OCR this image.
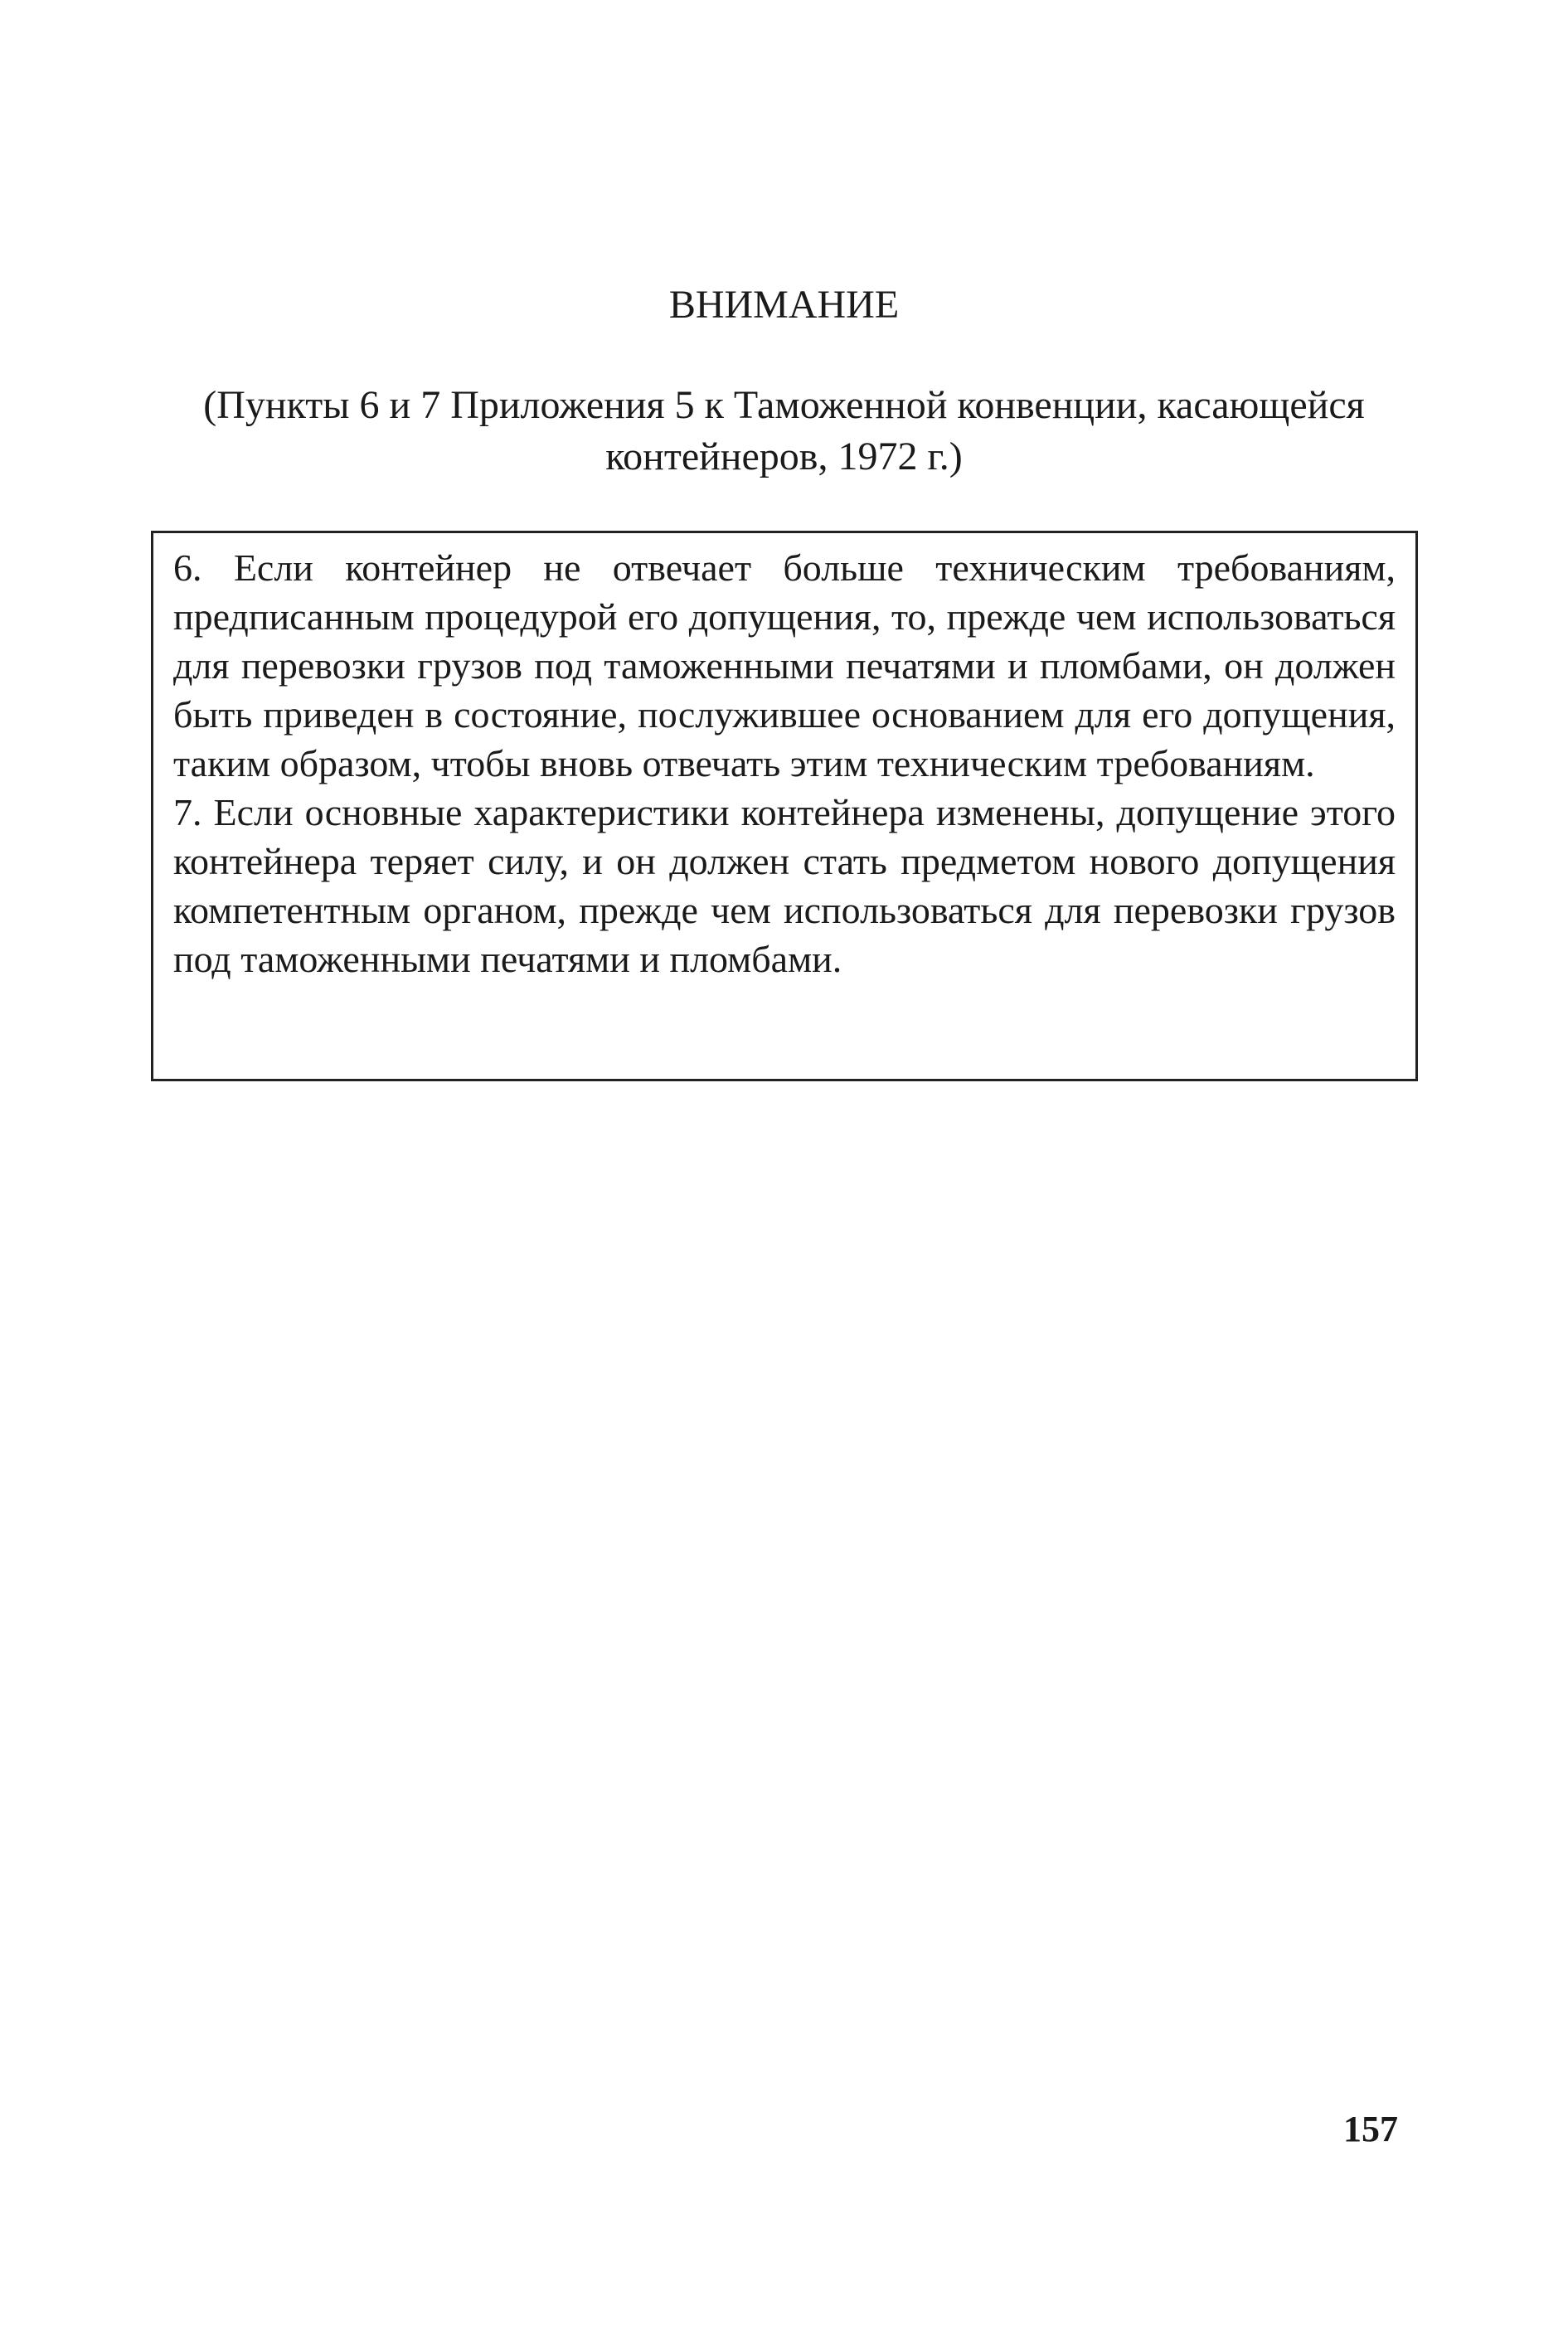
ВНИМАНИЕ
(Пункты 6 и 7 Приложения 5 к Таможенной конвенции, касающейся контейнеров, 1972 г.)

6. Если контейнер не отвечает больше техническим требованиям, предписанным процедурой его допущения, то, прежде чем использоваться для перевозки грузов под таможенными печатями и пломбами, он должен быть приведен в состояние, послужившее основанием для его допущения, таким образом, чтобы вновь отвечать этим техническим требованиям.

7. Если основные характеристики контейнера изменены, допущение этого контейнера теряет силу, и он должен стать предметом нового допущения компетентным органом, прежде чем использоваться для перевозки грузов под таможенными печатями и пломбами.

157
